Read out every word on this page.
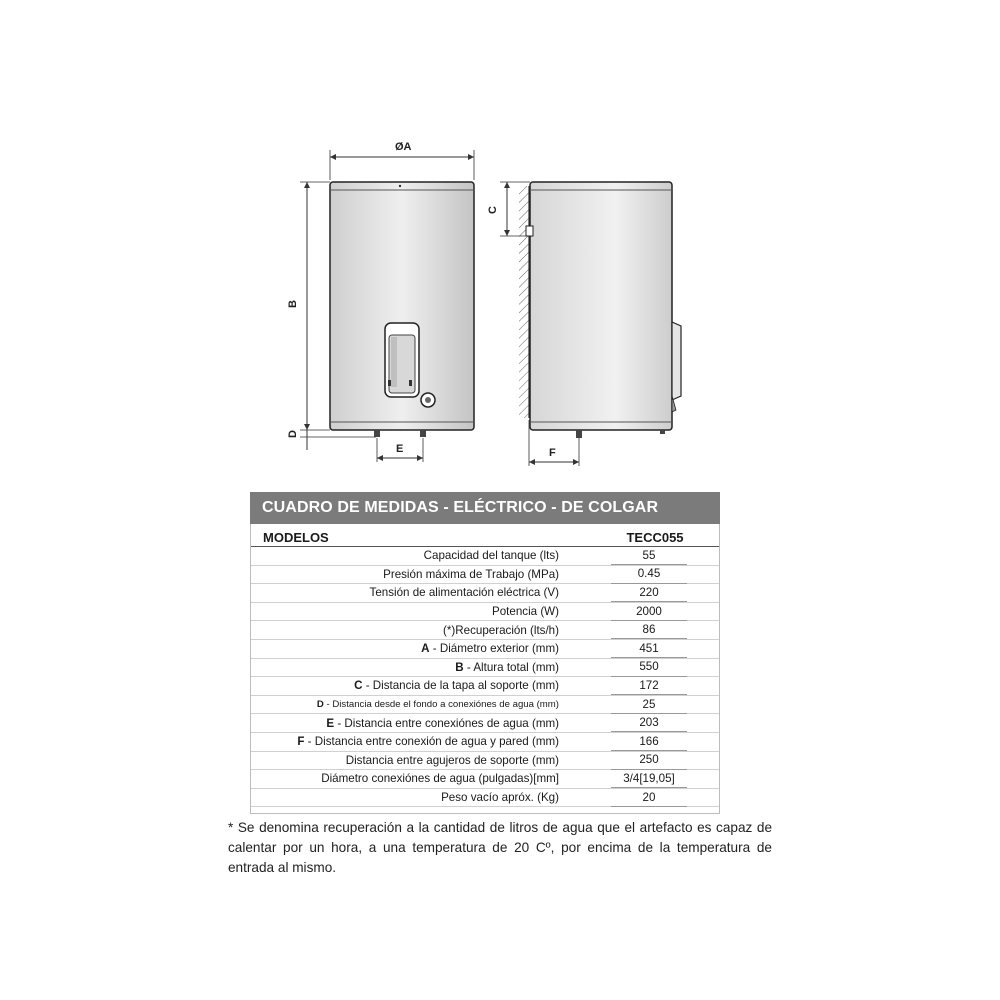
ØA
B
D
E
C
F
CUADRO DE MEDIDAS - ELÉCTRICO - DE COLGAR
MODELOS	TECC055
Capacidad del tanque (lts)	55
Presión máxima de Trabajo (MPa)	0.45
Tensión de alimentación eléctrica (V)	220
Potencia (W)	2000
(*)Recuperación (lts/h)	86
A - Diámetro exterior (mm)	451
B - Altura total (mm)	550
C - Distancia de la tapa al soporte (mm)	172
D - Distancia desde el fondo a conexiónes de agua (mm)	25
E - Distancia entre conexiónes de agua (mm)	203
F - Distancia entre conexión de agua y pared (mm)	166
Distancia entre agujeros de soporte (mm)	250
Diámetro conexiónes de agua (pulgadas)[mm]	3/4[19,05]
Peso vacío apróx. (Kg)	20
* Se denomina recuperación a la cantidad de litros de agua que el artefacto es capaz de calentar por un hora, a una temperatura de 20 Cº, por encima de la temperatura de entrada al mismo.
